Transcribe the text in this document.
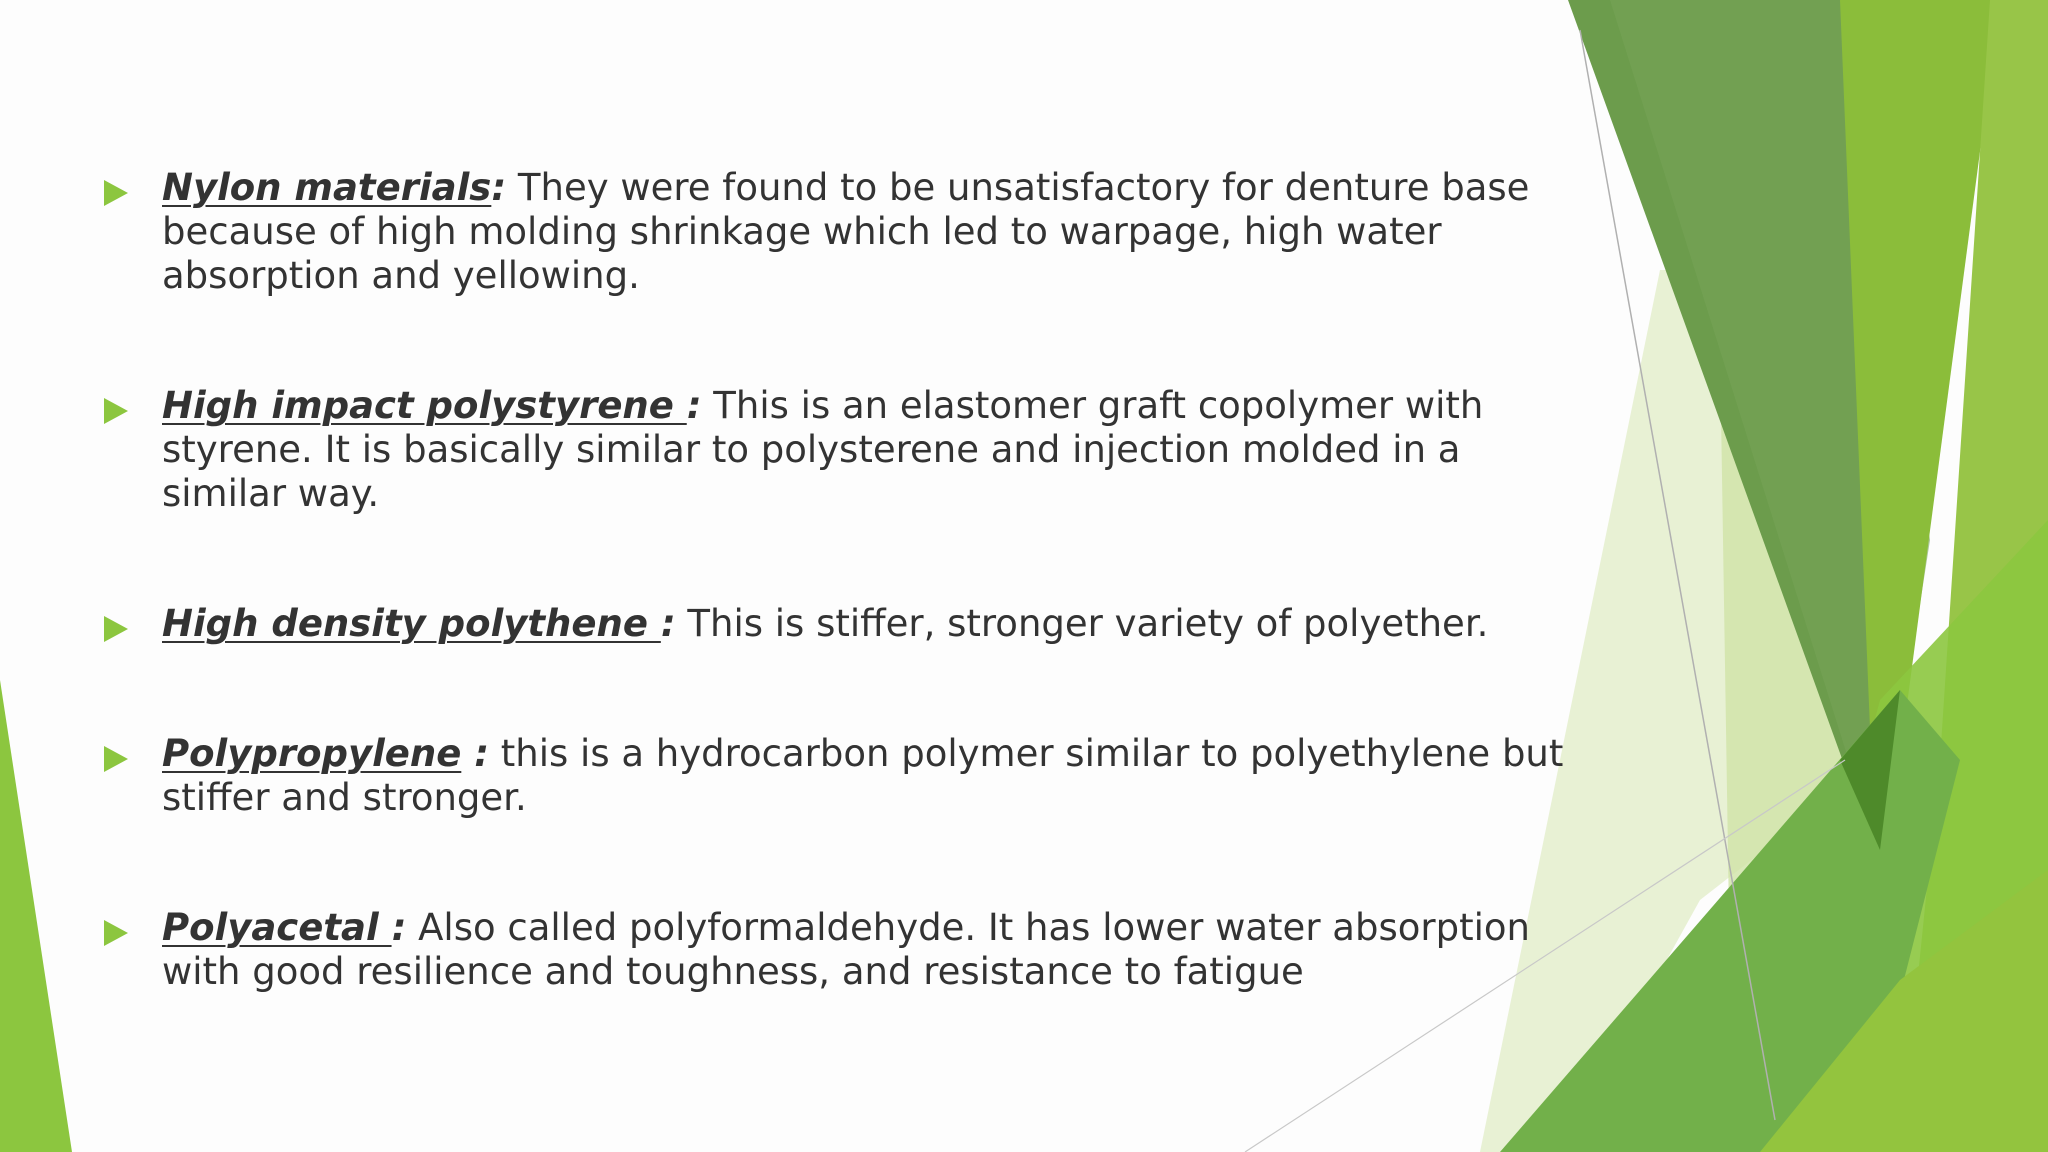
Nylon materials: They were found to be unsatisfactory for denture base because of high molding shrinkage which led to warpage, high water absorption and yellowing.
High impact polystyrene : This is an elastomer graft copolymer with styrene. It is basically similar to polysterene and injection molded in a similar way.
High density polythene : This is stiffer, stronger variety of polyether.
Polypropylene : this is a hydrocarbon polymer similar to polyethylene but stiffer and stronger.
Polyacetal : Also called polyformaldehyde. It has lower water absorption with good resilience and toughness, and resistance to fatigue
